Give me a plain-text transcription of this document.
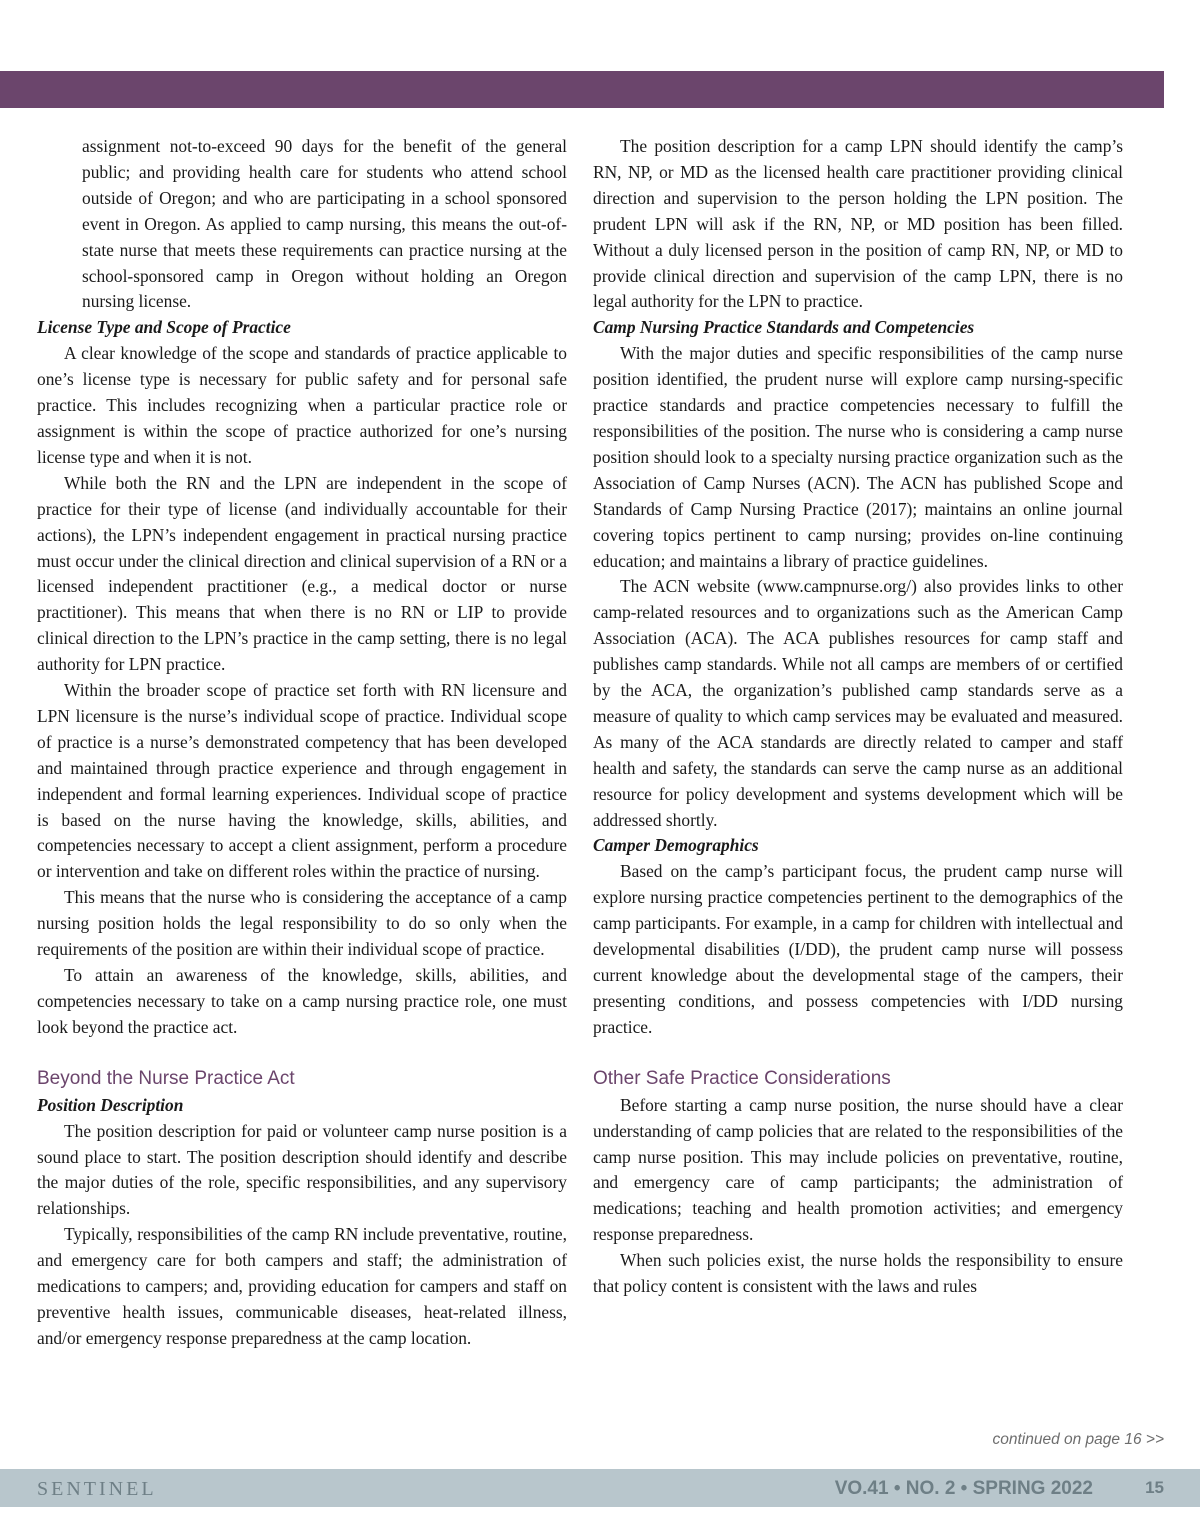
assignment not-to-exceed 90 days for the benefit of the general public; and providing health care for students who attend school outside of Oregon; and who are participating in a school sponsored event in Oregon. As applied to camp nursing, this means the out-of-state nurse that meets these requirements can practice nursing at the school-sponsored camp in Oregon without holding an Oregon nursing license.

License Type and Scope of Practice

A clear knowledge of the scope and standards of practice applicable to one’s license type is necessary for public safety and for personal safe practice. This includes recognizing when a particular practice role or assignment is within the scope of practice authorized for one’s nursing license type and when it is not.

While both the RN and the LPN are independent in the scope of practice for their type of license (and individually accountable for their actions), the LPN’s independent engagement in practical nursing practice must occur under the clinical direction and clinical supervision of a RN or a licensed independent practitioner (e.g., a medical doctor or nurse practitioner). This means that when there is no RN or LIP to provide clinical direction to the LPN’s practice in the camp setting, there is no legal authority for LPN practice.

Within the broader scope of practice set forth with RN licensure and LPN licensure is the nurse’s individual scope of practice. Individual scope of practice is a nurse’s demonstrated competency that has been developed and maintained through practice experience and through engagement in independent and formal learning experiences. Individual scope of practice is based on the nurse having the knowledge, skills, abilities, and competencies necessary to accept a client assignment, perform a procedure or intervention and take on different roles within the practice of nursing.

This means that the nurse who is considering the acceptance of a camp nursing position holds the legal responsibility to do so only when the requirements of the position are within their individual scope of practice.

To attain an awareness of the knowledge, skills, abilities, and competencies necessary to take on a camp nursing practice role, one must look beyond the practice act.

Beyond the Nurse Practice Act

Position Description

The position description for paid or volunteer camp nurse position is a sound place to start. The position description should identify and describe the major duties of the role, specific responsibilities, and any supervisory relationships.

Typically, responsibilities of the camp RN include preventative, routine, and emergency care for both campers and staff; the administration of medications to campers; and, providing education for campers and staff on preventive health issues, communicable diseases, heat-related illness, and/or emergency response preparedness at the camp location.

The position description for a camp LPN should identify the camp’s RN, NP, or MD as the licensed health care practitioner providing clinical direction and supervision to the person holding the LPN position. The prudent LPN will ask if the RN, NP, or MD position has been filled. Without a duly licensed person in the position of camp RN, NP, or MD to provide clinical direction and supervision of the camp LPN, there is no legal authority for the LPN to practice.

Camp Nursing Practice Standards and Competencies

With the major duties and specific responsibilities of the camp nurse position identified, the prudent nurse will explore camp nursing-specific practice standards and practice competencies necessary to fulfill the responsibilities of the position. The nurse who is considering a camp nurse position should look to a specialty nursing practice organization such as the Association of Camp Nurses (ACN). The ACN has published Scope and Standards of Camp Nursing Practice (2017); maintains an online journal covering topics pertinent to camp nursing; provides on-line continuing education; and maintains a library of practice guidelines.

The ACN website (www.campnurse.org/) also provides links to other camp-related resources and to organizations such as the American Camp Association (ACA). The ACA publishes resources for camp staff and publishes camp standards. While not all camps are members of or certified by the ACA, the organization’s published camp standards serve as a measure of quality to which camp services may be evaluated and measured. As many of the ACA standards are directly related to camper and staff health and safety, the standards can serve the camp nurse as an additional resource for policy development and systems development which will be addressed shortly.

Camper Demographics

Based on the camp’s participant focus, the prudent camp nurse will explore nursing practice competencies pertinent to the demographics of the camp participants. For example, in a camp for children with intellectual and developmental disabilities (I/DD), the prudent camp nurse will possess current knowledge about the developmental stage of the campers, their presenting conditions, and possess competencies with I/DD nursing practice.

Other Safe Practice Considerations

Before starting a camp nurse position, the nurse should have a clear understanding of camp policies that are related to the responsibilities of the camp nurse position. This may include policies on preventative, routine, and emergency care of camp participants; the administration of medications; teaching and health promotion activities; and emergency response preparedness.

When such policies exist, the nurse holds the responsibility to ensure that policy content is consistent with the laws and rules

continued on page 16 >>
SENTINEL	VO.41 • NO. 2 • SPRING 2022	15
